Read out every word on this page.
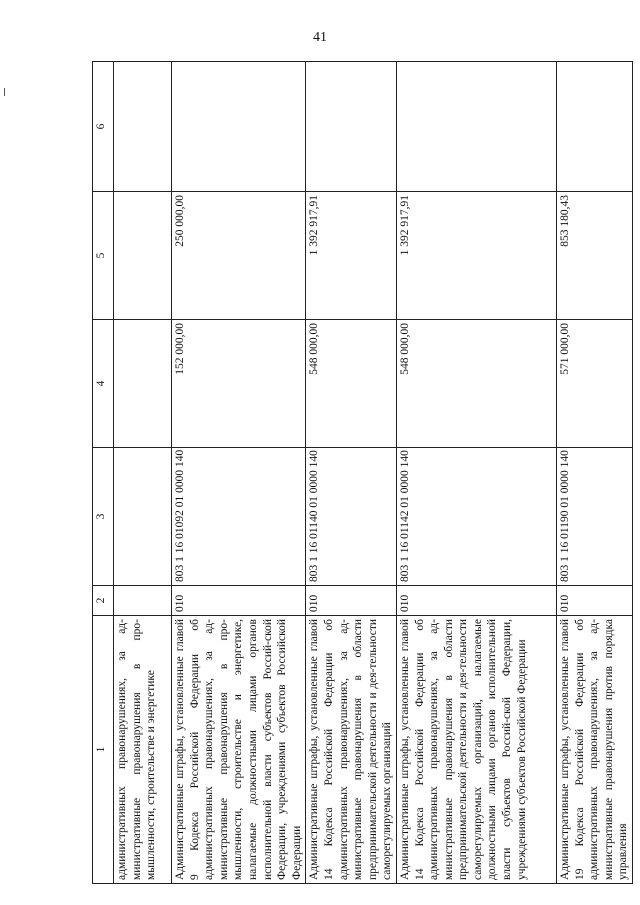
41
1	2	3	4	5	6
административных правонарушениях, за ад-министративные правонарушения в про-мышленности, строительстве и энергетике					
Административные штрафы, установленные главой 9 Кодекса Российской Федерации об административных правонарушениях, за ад-министративные правонарушения в про-мышленности, строительстве и энергетике, налагаемые должностными лицами органов исполнительной власти субъектов Россий-ской Федерации, учреждениями субъектов Российской Федерации	010	803 1 16 01092 01 0000 140	152 000,00	250 000,00	
Административные штрафы, установленные главой 14 Кодекса Российской Федерации об административных правонарушениях, за ад-министративные правонарушения в области предпринимательской деятельности и дея-тельности саморегулируемых организаций	010	803 1 16 01140 01 0000 140	548 000,00	1 392 917,91	
Административные штрафы, установленные главой 14 Кодекса Российской Федерации об административных правонарушениях, за ад-министративные правонарушения в области предпринимательской деятельности и дея-тельности саморегулируемых организаций, налагаемые должностными лицами органов исполнительной власти субъектов Россий-ской Федерации, учреждениями субъектов Российской Федерации	010	803 1 16 01142 01 0000 140	548 000,00	1 392 917,91	
Административные штрафы, установленные главой 19 Кодекса Российской Федерации об административных правонарушениях, за ад-министративные правонарушения против порядка управления	010	803 1 16 01190 01 0000 140	571 000,00	853 180,43	
